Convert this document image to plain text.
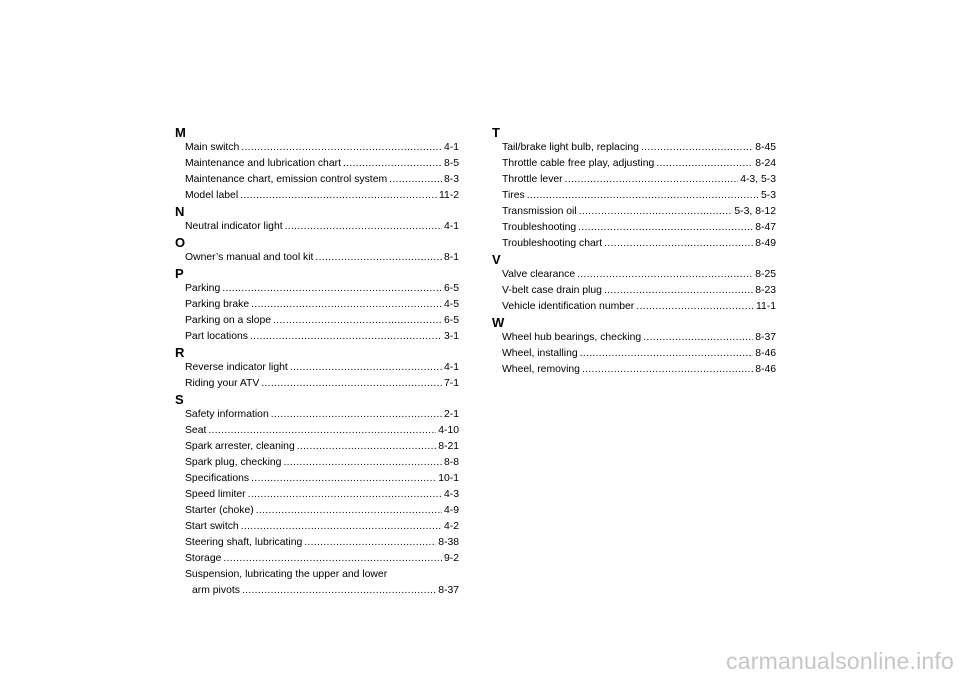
M
Main switch .....	4-1
Maintenance and lubrication chart .....	8-5
Maintenance chart, emission control system .....	8-3
Model label .....	11-2
N
Neutral indicator light .....	4-1
O
Owner’s manual and tool kit .....	8-1
P
Parking .....	6-5
Parking brake .....	4-5
Parking on a slope .....	6-5
Part locations .....	3-1
R
Reverse indicator light .....	4-1
Riding your ATV .....	7-1
S
Safety information .....	2-1
Seat .....	4-10
Spark arrester, cleaning .....	8-21
Spark plug, checking .....	8-8
Specifications .....	10-1
Speed limiter .....	4-3
Starter (choke) .....	4-9
Start switch .....	4-2
Steering shaft, lubricating .....	8-38
Storage .....	9-2
Suspension, lubricating the upper and lower
arm pivots .....	8-37
T
Tail/brake light bulb, replacing .....	8-45
Throttle cable free play, adjusting .....	8-24
Throttle lever .....	4-3, 5-3
Tires .....	5-3
Transmission oil .....	5-3, 8-12
Troubleshooting .....	8-47
Troubleshooting chart .....	8-49
V
Valve clearance .....	8-25
V-belt case drain plug .....	8-23
Vehicle identification number .....	11-1
W
Wheel hub bearings, checking .....	8-37
Wheel, installing .....	8-46
Wheel, removing .....	8-46
carmanualsonline.info
